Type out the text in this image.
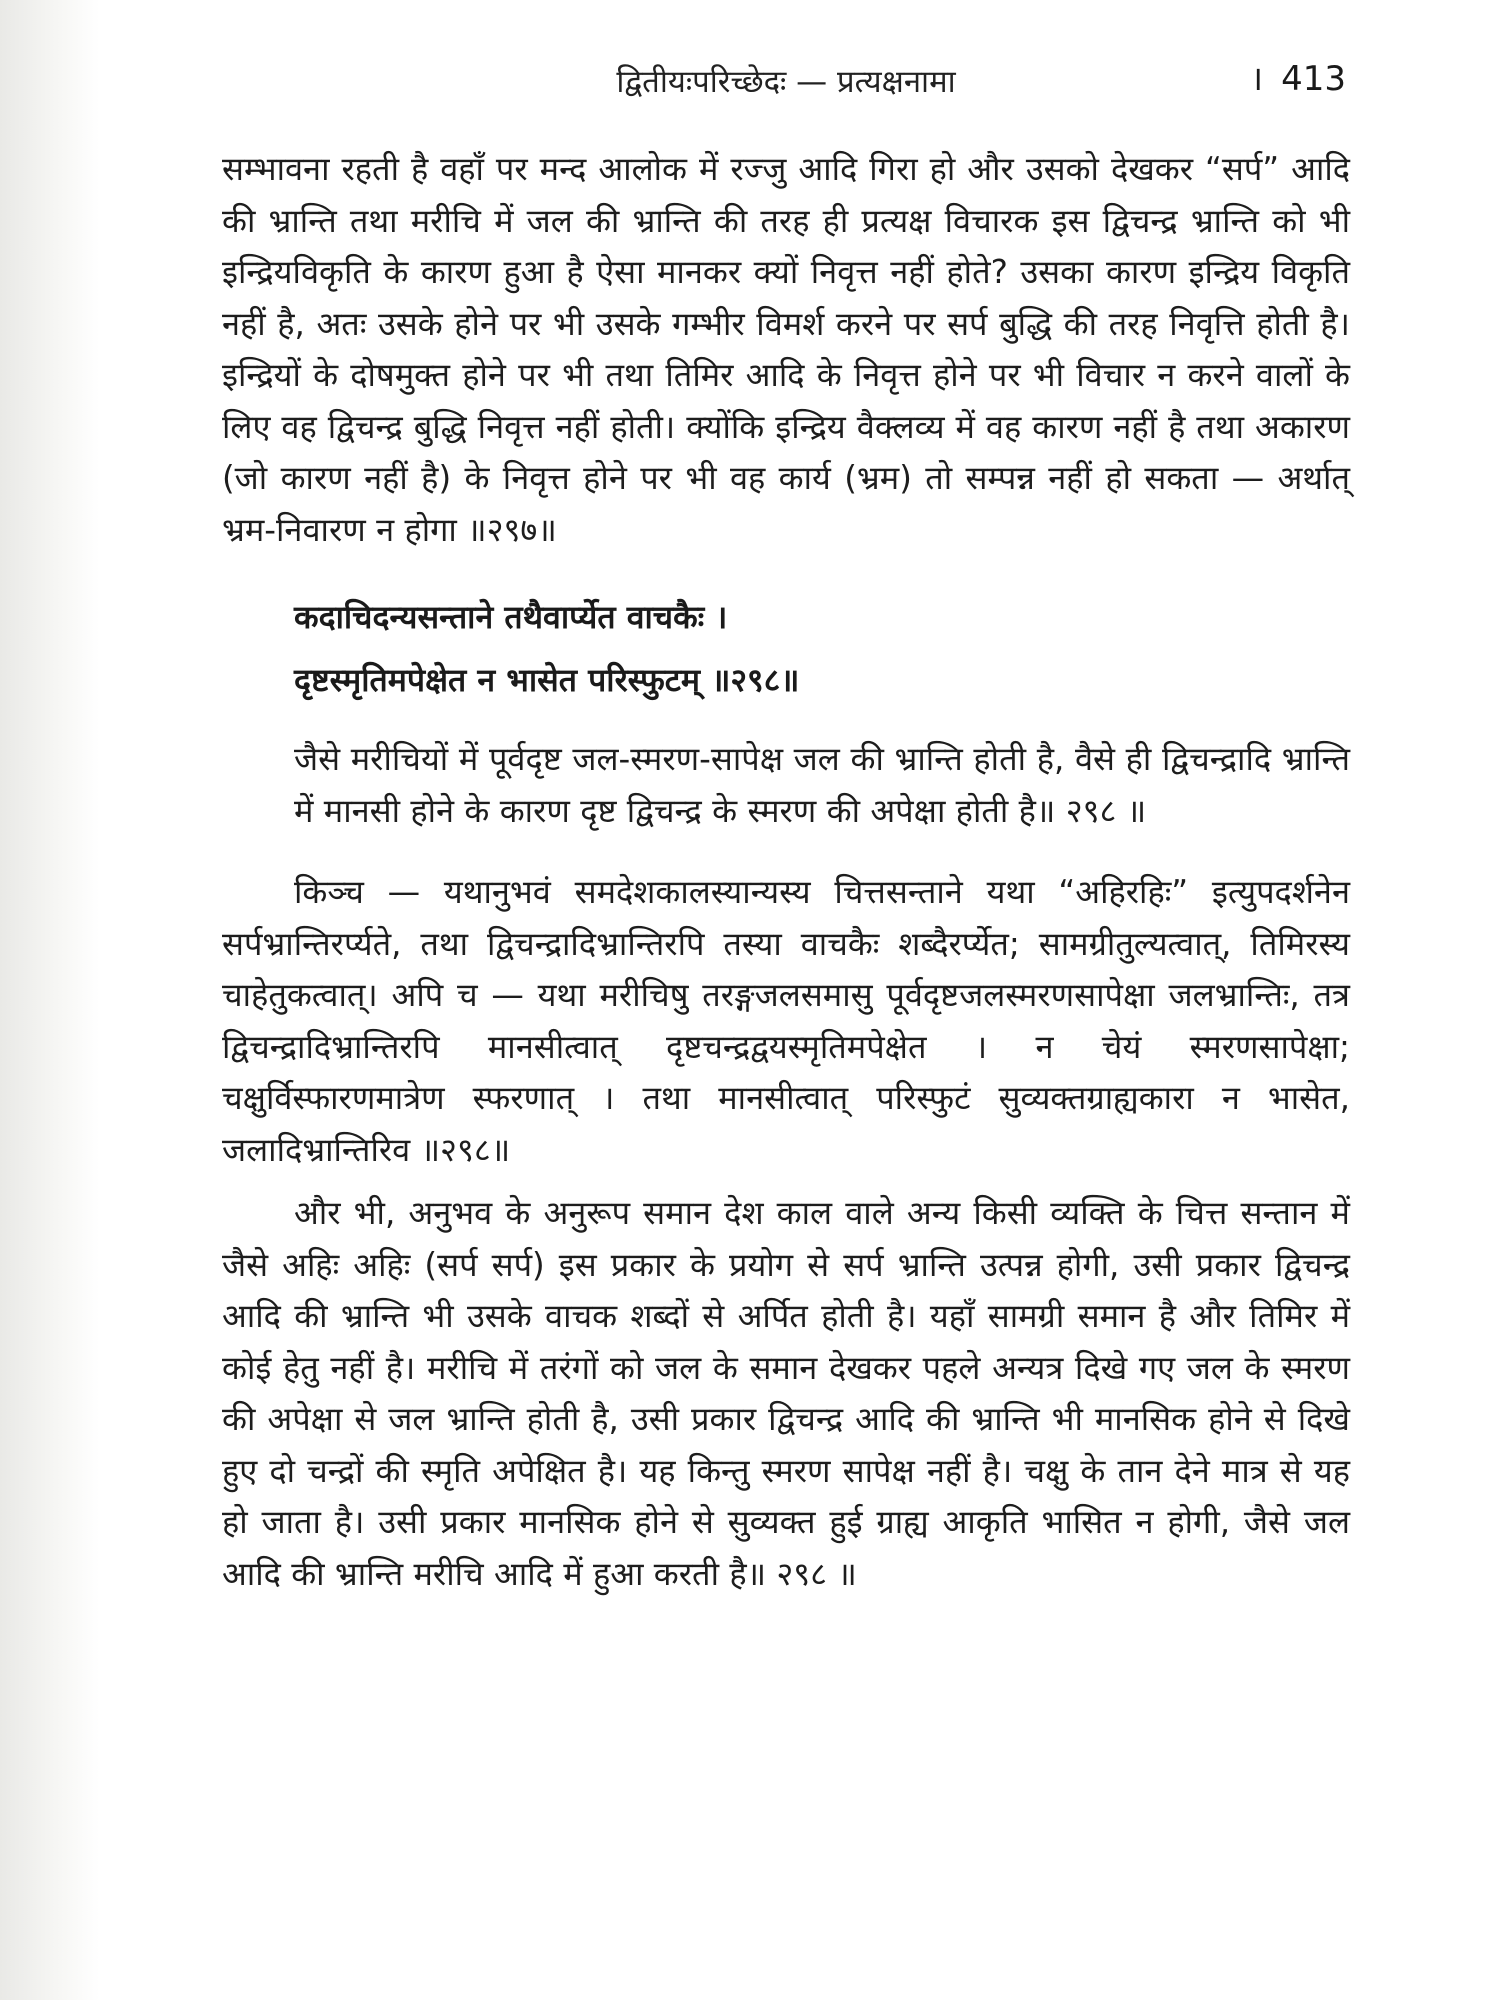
द्वितीयःपरिच्छेदः — प्रत्यक्षनामा	। 413

सम्भावना रहती है वहाँ पर मन्द आलोक में रज्जु आदि गिरा हो और उसको देखकर “सर्प” आदि की भ्रान्ति तथा मरीचि में जल की भ्रान्ति की तरह ही प्रत्यक्ष विचारक इस द्विचन्द्र भ्रान्ति को भी इन्द्रियविकृति के कारण हुआ है ऐसा मानकर क्यों निवृत्त नहीं होते? उसका कारण इन्द्रिय विकृति नहीं है, अतः उसके होने पर भी उसके गम्भीर विमर्श करने पर सर्प बुद्धि की तरह निवृत्ति होती है। इन्द्रियों के दोषमुक्त होने पर भी तथा तिमिर आदि के निवृत्त होने पर भी विचार न करने वालों के लिए वह द्विचन्द्र बुद्धि निवृत्त नहीं होती। क्योंकि इन्द्रिय वैक्लव्य में वह कारण नहीं है तथा अकारण (जो कारण नहीं है) के निवृत्त होने पर भी वह कार्य (भ्रम) तो सम्पन्न नहीं हो सकता — अर्थात् भ्रम-निवारण न होगा ॥२९७॥

कदाचिदन्यसन्ताने तथैवार्प्येत वाचकैः ।
दृष्टस्मृतिमपेक्षेत न भासेत परिस्फुटम् ॥२९८॥

जैसे मरीचियों में पूर्वदृष्ट जल-स्मरण-सापेक्ष जल की भ्रान्ति होती है, वैसे ही द्विचन्द्रादि भ्रान्ति में मानसी होने के कारण दृष्ट द्विचन्द्र के स्मरण की अपेक्षा होती है॥ २९८ ॥

किञ्च — यथानुभवं समदेशकालस्यान्यस्य चित्तसन्ताने यथा “अहिरहिः” इत्युपदर्शनेन सर्पभ्रान्तिरर्प्यते, तथा द्विचन्द्रादिभ्रान्तिरपि तस्या वाचकैः शब्दैरर्प्येत; सामग्रीतुल्यत्वात्, तिमिरस्य चाहेतुकत्वात्। अपि च — यथा मरीचिषु तरङ्गजलसमासु पूर्वदृष्टजलस्मरणसापेक्षा जलभ्रान्तिः, तत्र द्विचन्द्रादिभ्रान्तिरपि मानसीत्वात् दृष्टचन्द्रद्वयस्मृतिमपेक्षेत । न चेयं स्मरणसापेक्षा; चक्षुर्विस्फारणमात्रेण स्फरणात् । तथा मानसीत्वात् परिस्फुटं सुव्यक्तग्राह्यकारा न भासेत, जलादिभ्रान्तिरिव ॥२९८॥

और भी, अनुभव के अनुरूप समान देश काल वाले अन्य किसी व्यक्ति के चित्त सन्तान में जैसे अहिः अहिः (सर्प सर्प) इस प्रकार के प्रयोग से सर्प भ्रान्ति उत्पन्न होगी, उसी प्रकार द्विचन्द्र आदि की भ्रान्ति भी उसके वाचक शब्दों से अर्पित होती है। यहाँ सामग्री समान है और तिमिर में कोई हेतु नहीं है। मरीचि में तरंगों को जल के समान देखकर पहले अन्यत्र दिखे गए जल के स्मरण की अपेक्षा से जल भ्रान्ति होती है, उसी प्रकार द्विचन्द्र आदि की भ्रान्ति भी मानसिक होने से दिखे हुए दो चन्द्रों की स्मृति अपेक्षित है। यह किन्तु स्मरण सापेक्ष नहीं है। चक्षु के तान देने मात्र से यह हो जाता है। उसी प्रकार मानसिक होने से सुव्यक्त हुई ग्राह्य आकृति भासित न होगी, जैसे जल आदि की भ्रान्ति मरीचि आदि में हुआ करती है॥ २९८ ॥
